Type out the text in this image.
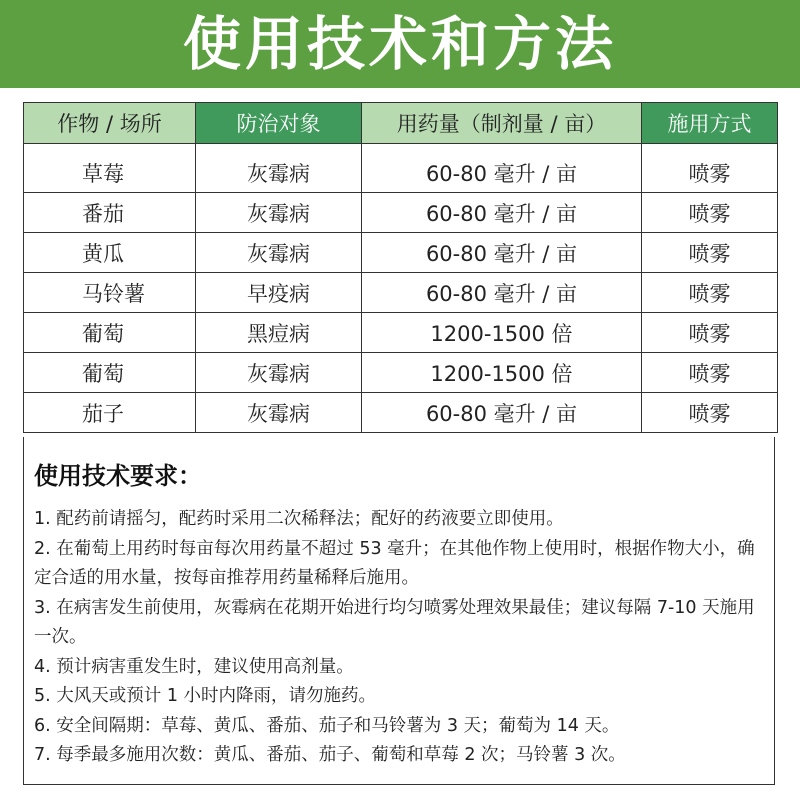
使用技术和方法
作物 / 场所	防治对象	用药量（制剂量 / 亩）	施用方式
草莓	灰霉病	60-80 毫升 / 亩	喷雾
番茄	灰霉病	60-80 毫升 / 亩	喷雾
黄瓜	灰霉病	60-80 毫升 / 亩	喷雾
马铃薯	早疫病	60-80 毫升 / 亩	喷雾
葡萄	黑痘病	1200-1500 倍	喷雾
葡萄	灰霉病	1200-1500 倍	喷雾
茄子	灰霉病	60-80 毫升 / 亩	喷雾
使用技术要求：
1. 配药前请摇匀，配药时采用二次稀释法；配好的药液要立即使用。
2. 在葡萄上用药时每亩每次用药量不超过 53 毫升；在其他作物上使用时，根据作物大小，确定合适的用水量，按每亩推荐用药量稀释后施用。
3. 在病害发生前使用，灰霉病在花期开始进行均匀喷雾处理效果最佳；建议每隔 7-10 天施用一次。
4. 预计病害重发生时，建议使用高剂量。
5. 大风天或预计 1 小时内降雨，请勿施药。
6. 安全间隔期：草莓、黄瓜、番茄、茄子和马铃薯为 3 天；葡萄为 14 天。
7. 每季最多施用次数：黄瓜、番茄、茄子、葡萄和草莓 2 次；马铃薯 3 次。
